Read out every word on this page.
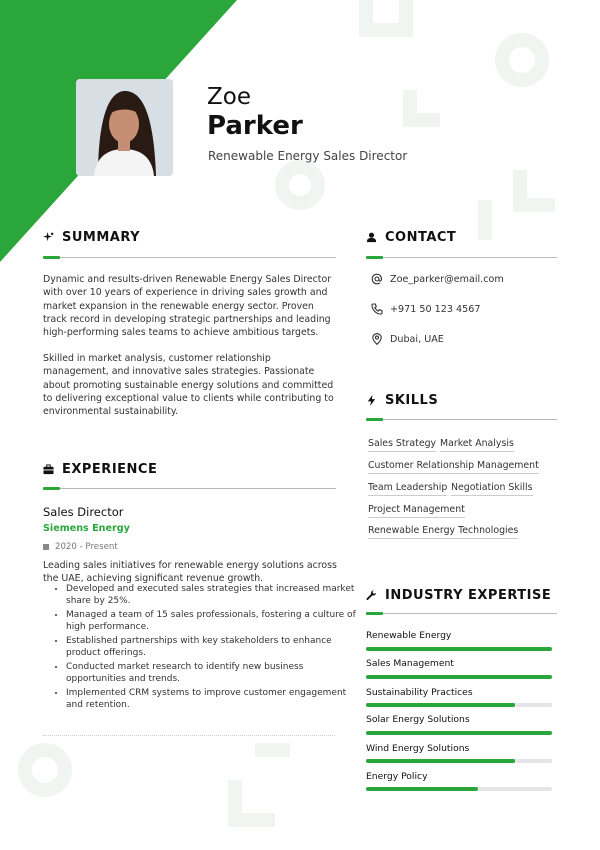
Zoe
Parker
Renewable Energy Sales Director
SUMMARY
Dynamic and results-driven Renewable Energy Sales Director with over 10 years of experience in driving sales growth and market expansion in the renewable energy sector. Proven track record in developing strategic partnerships and leading high-performing sales teams to achieve ambitious targets.
Skilled in market analysis, customer relationship management, and innovative sales strategies. Passionate about promoting sustainable energy solutions and committed to delivering exceptional value to clients while contributing to environmental sustainability.
EXPERIENCE
Sales Director
Siemens Energy
2020 - Present
Leading sales initiatives for renewable energy solutions across the UAE, achieving significant revenue growth.
• Developed and executed sales strategies that increased market share by 25%.
• Managed a team of 15 sales professionals, fostering a culture of high performance.
• Established partnerships with key stakeholders to enhance product offerings.
• Conducted market research to identify new business opportunities and trends.
• Implemented CRM systems to improve customer engagement and retention.
CONTACT
Zoe_parker@email.com
+971 50 123 4567
Dubai, UAE
SKILLS
Sales Strategy Market Analysis
Customer Relationship Management
Team Leadership Negotiation Skills
Project Management
Renewable Energy Technologies
INDUSTRY EXPERTISE
Renewable Energy
Sales Management
Sustainability Practices
Solar Energy Solutions
Wind Energy Solutions
Energy Policy
